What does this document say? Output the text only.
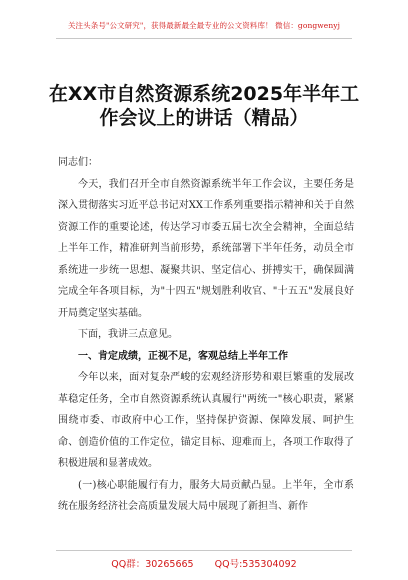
关注头条号"公文研究"，获得最新最全最专业的公文资料库！ 微信：gongwenyj
在XX市自然资源系统2025年半年工
作会议上的讲话（精品）

同志们：

今天，我们召开全市自然资源系统半年工作会议，主要任务是深入贯彻落实习近平总书记对XX工作系列重要指示精神和关于自然资源工作的重要论述，传达学习市委五届七次全会精神，全面总结上半年工作，精准研判当前形势，系统部署下半年任务，动员全市系统进一步统一思想、凝聚共识、坚定信心、拼搏实干，确保圆满完成全年各项目标，为"十四五"规划胜利收官、"十五五"发展良好开局奠定坚实基础。

下面，我讲三点意见。

一、肯定成绩，正视不足，客观总结上半年工作

今年以来，面对复杂严峻的宏观经济形势和艰巨繁重的发展改革稳定任务，全市自然资源系统认真履行"两统一"核心职责，紧紧围绕市委、市政府中心工作，坚持保护资源、保障发展、呵护生命、创造价值的工作定位，锚定目标、迎难而上，各项工作取得了积极进展和显著成效。

(一)核心职能履行有力，服务大局贡献凸显。上半年，全市系统在服务经济社会高质量发展大局中展现了新担当、新作

QQ群：30265665 QQ号:535304092
